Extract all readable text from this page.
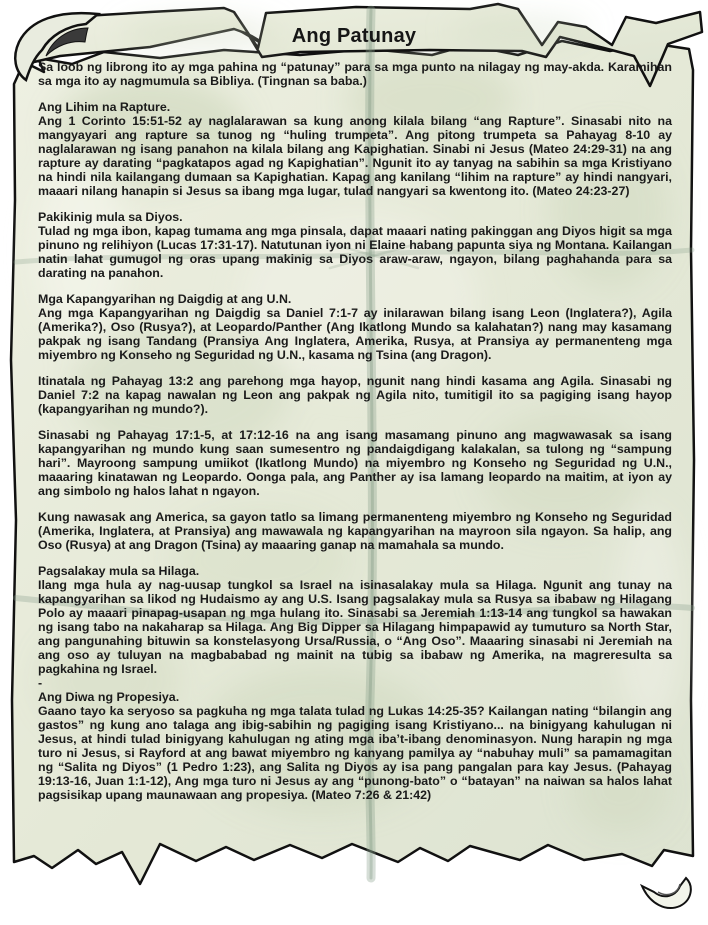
Ang Patunay

Sa loob ng librong ito ay mga pahina ng “patunay” para sa mga punto na nilagay ng may-akda. Karamihan sa mga ito ay nagmumula sa Bibliya. (Tingnan sa baba.)

Ang Lihim na Rapture.

Ang 1 Corinto 15:51-52 ay naglalarawan sa kung anong kilala bilang “ang Rapture”. Sinasabi nito na mangyayari ang rapture sa tunog ng “huling trumpeta”. Ang pitong trumpeta sa Pahayag 8-10 ay naglalarawan ng isang panahon na kilala bilang ang Kapighatian. Sinabi ni Jesus (Mateo 24:29-31) na ang rapture ay darating “pagkatapos agad ng Kapighatian”. Ngunit ito ay tanyag na sabihin sa mga Kristiyano na hindi nila kailangang dumaan sa Kapighatian. Kapag ang kanilang “lihim na rapture” ay hindi nangyari, maaari nilang hanapin si Jesus sa ibang mga lugar, tulad nangyari sa kwentong ito. (Mateo 24:23-27)

Pakikinig mula sa Diyos.

Tulad ng mga ibon, kapag tumama ang mga pinsala, dapat maaari nating pakinggan ang Diyos higit sa mga pinuno ng relihiyon (Lucas 17:31-17). Natutunan iyon ni Elaine habang papunta siya ng Montana. Kailangan natin lahat gumugol ng oras upang makinig sa Diyos araw-araw, ngayon, bilang paghahanda para sa darating na panahon.

Mga Kapangyarihan ng Daigdig at ang U.N.

Ang mga Kapangyarihan ng Daigdig sa Daniel 7:1-7 ay inilarawan bilang isang Leon (Inglatera?), Agila (Amerika?), Oso (Rusya?), at Leopardo/Panther (Ang Ikatlong Mundo sa kalahatan?) nang may kasamang pakpak ng isang Tandang (Pransiya Ang Inglatera, Amerika, Rusya, at Pransiya ay permanenteng mga miyembro ng Konseho ng Seguridad ng U.N., kasama ng Tsina (ang Dragon).

Itinatala ng Pahayag 13:2 ang parehong mga hayop, ngunit nang hindi kasama ang Agila. Sinasabi ng Daniel 7:2 na kapag nawalan ng Leon ang pakpak ng Agila nito, tumitigil ito sa pagiging isang hayop (kapangyarihan ng mundo?).

Sinasabi ng Pahayag 17:1-5, at 17:12-16 na ang isang masamang pinuno ang magwawasak sa isang kapangyarihan ng mundo kung saan sumesentro ng pandaigdigang kalakalan, sa tulong ng “sampung hari”. Mayroong sampung umiikot (Ikatlong Mundo) na miyembro ng Konseho ng Seguridad ng U.N., maaaring kinatawan ng Leopardo. Oonga pala, ang Panther ay isa lamang leopardo na maitim, at iyon ay ang simbolo ng halos lahat n ngayon.

Kung nawasak ang America, sa gayon tatlo sa limang permanenteng miyembro ng Konseho ng Seguridad (Amerika, Inglatera, at Pransiya) ang mawawala ng kapangyarihan na mayroon sila ngayon. Sa halip, ang Oso (Rusya) at ang Dragon (Tsina) ay maaaring ganap na mamahala sa mundo.

Pagsalakay mula sa Hilaga.

Ilang mga hula ay nag-uusap tungkol sa Israel na isinasalakay mula sa Hilaga. Ngunit ang tunay na kapangyarihan sa likod ng Hudaismo ay ang U.S. Isang pagsalakay mula sa Rusya sa ibabaw ng Hilagang Polo ay maaari pinapag-usapan ng mga hulang ito. Sinasabi sa Jeremiah 1:13-14 ang tungkol sa hawakan ng isang tabo na nakaharap sa Hilaga. Ang Big Dipper sa Hilagang himpapawid ay tumuturo sa North Star, ang pangunahing bituwin sa konstelasyong Ursa/Russia, o “Ang Oso”. Maaaring sinasabi ni Jeremiah na ang oso ay tuluyan na magbababad ng mainit na tubig sa ibabaw ng Amerika, na magreresulta sa pagkahina ng Israel.

-

Ang Diwa ng Propesiya.

Gaano tayo ka seryoso sa pagkuha ng mga talata tulad ng Lukas 14:25-35? Kailangan nating “bilangin ang gastos” ng kung ano talaga ang ibig-sabihin ng pagiging isang Kristiyano... na binigyang kahulugan ni Jesus, at hindi tulad binigyang kahulugan ng ating mga iba’t-ibang denominasyon. Nung harapin ng mga turo ni Jesus, si Rayford at ang bawat miyembro ng kanyang pamilya ay “nabuhay muli” sa pamamagitan ng “Salita ng Diyos” (1 Pedro 1:23), ang Salita ng Diyos ay isa pang pangalan para kay Jesus. (Pahayag 19:13-16, Juan 1:1-12), Ang mga turo ni Jesus ay ang “punong-bato” o “batayan” na naiwan sa halos lahat pagsisikap upang maunawaan ang propesiya. (Mateo 7:26 & 21:42)
